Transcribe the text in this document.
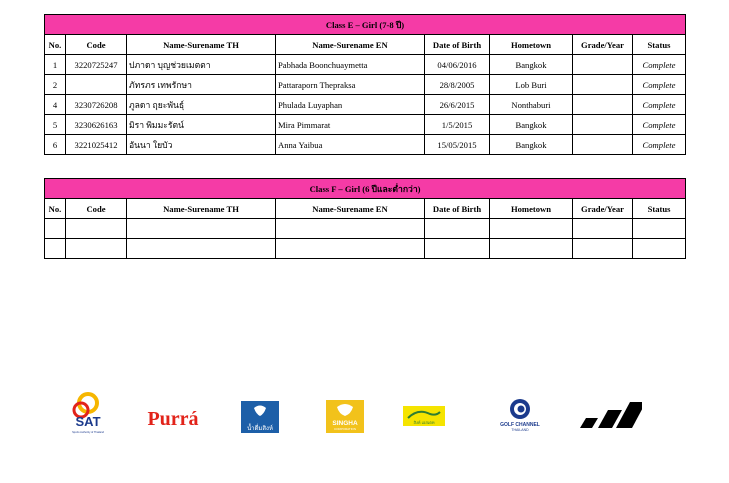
Class E – Girl (7-8 ปี)							
No.	Code	Name-Surename TH	Name-Surename EN	Date of Birth	Hometown	Grade/Year	Status
1	3220725247	ปภาดา บุญช่วยเมตตา	Pabhada Boonchuaymetta	04/06/2016	Bangkok		Complete
2		ภัทรภร เทพรักษา	Pattaraporn Thepraksa	28/8/2005	Lob Buri		Complete
4	3230726208	ภูลดา ฤุยะพันธุ์	Phulada Luyaphan	26/6/2015	Nonthaburi		Complete
5	3230626163	มิรา พิมมะรัตน์	Mira Pimmarat	1/5/2015	Bangkok		Complete
6	3221025412	อันนา ใยบัว	Anna Yaibua	15/05/2015	Bangkok		Complete
Class F – Girl (6 ปีและต่ำกว่า)							
No.	Code	Name-Surename TH	Name-Surename EN	Date of Birth	Hometown	Grade/Year	Status

SAT
Sports Authority of Thailand
Purrá	น้ำดื่มสิงห์
SINGHA
CORPORATION
สิงห์ เอสเตท	GOLF CHANNEL
THAILAND
